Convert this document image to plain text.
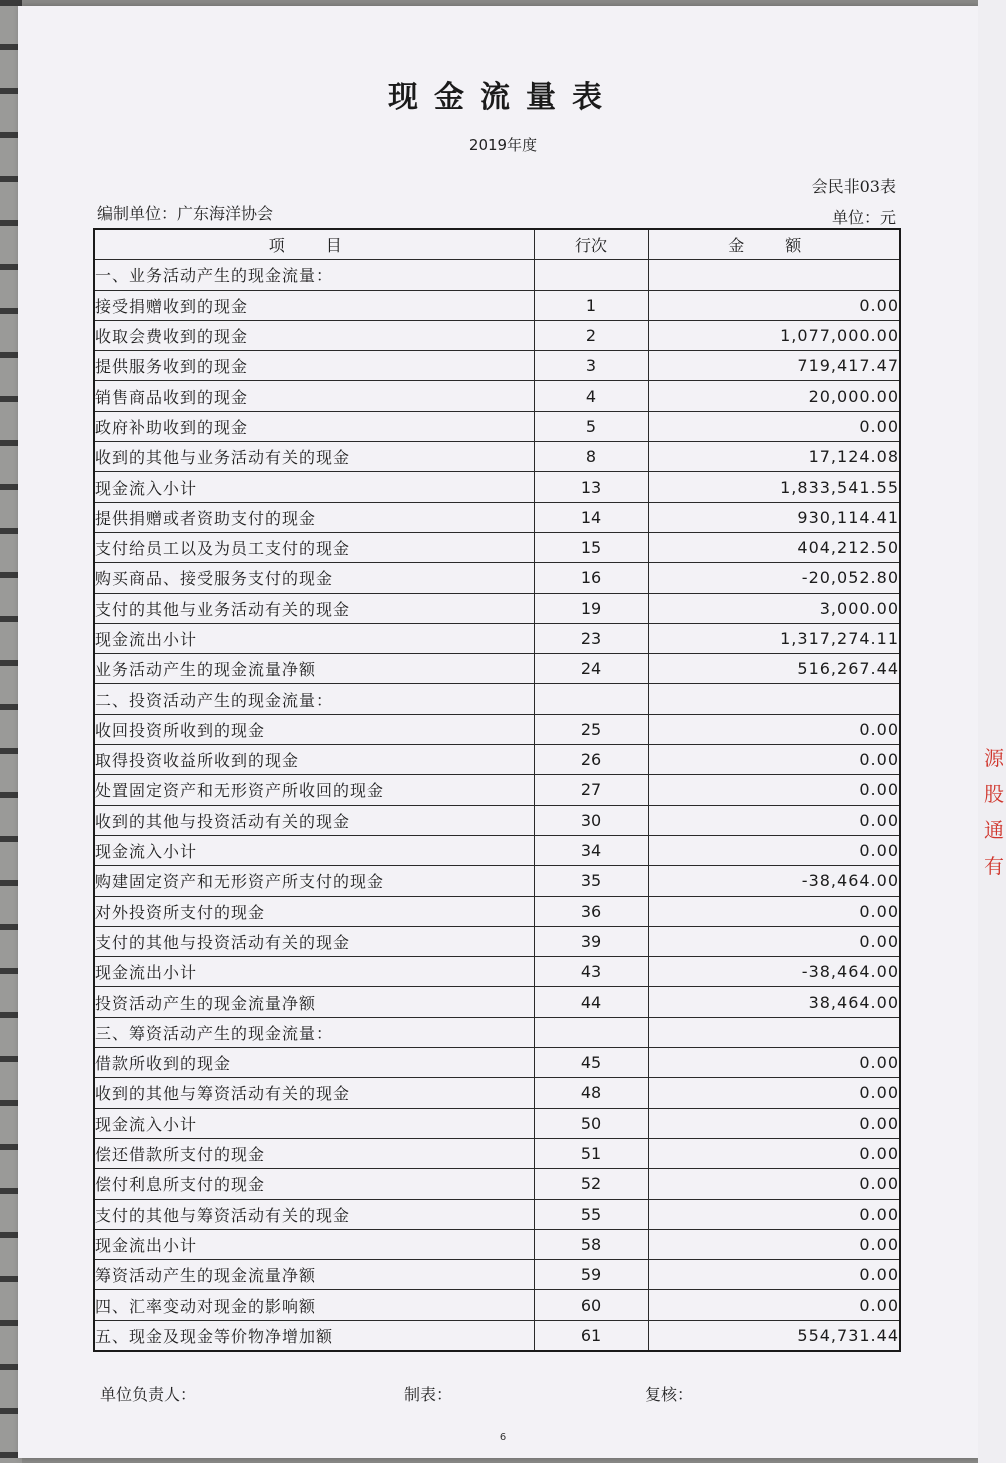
源
股
通
有
现金流量表
2019年度
会民非03表
编制单位：广东海洋协会	单位：元
项 目	行次	金 额
一、业务活动产生的现金流量：		
接受捐赠收到的现金	1	0.00
收取会费收到的现金	2	1,077,000.00
提供服务收到的现金	3	719,417.47
销售商品收到的现金	4	20,000.00
政府补助收到的现金	5	0.00
收到的其他与业务活动有关的现金	8	17,124.08
现金流入小计	13	1,833,541.55
提供捐赠或者资助支付的现金	14	930,114.41
支付给员工以及为员工支付的现金	15	404,212.50
购买商品、接受服务支付的现金	16	-20,052.80
支付的其他与业务活动有关的现金	19	3,000.00
现金流出小计	23	1,317,274.11
业务活动产生的现金流量净额	24	516,267.44
二、投资活动产生的现金流量：		
收回投资所收到的现金	25	0.00
取得投资收益所收到的现金	26	0.00
处置固定资产和无形资产所收回的现金	27	0.00
收到的其他与投资活动有关的现金	30	0.00
现金流入小计	34	0.00
购建固定资产和无形资产所支付的现金	35	-38,464.00
对外投资所支付的现金	36	0.00
支付的其他与投资活动有关的现金	39	0.00
现金流出小计	43	-38,464.00
投资活动产生的现金流量净额	44	38,464.00
三、筹资活动产生的现金流量：		
借款所收到的现金	45	0.00
收到的其他与筹资活动有关的现金	48	0.00
现金流入小计	50	0.00
偿还借款所支付的现金	51	0.00
偿付利息所支付的现金	52	0.00
支付的其他与筹资活动有关的现金	55	0.00
现金流出小计	58	0.00
筹资活动产生的现金流量净额	59	0.00
四、汇率变动对现金的影响额	60	0.00
五、现金及现金等价物净增加额	61	554,731.44
单位负责人：	制表：	复核：
6
